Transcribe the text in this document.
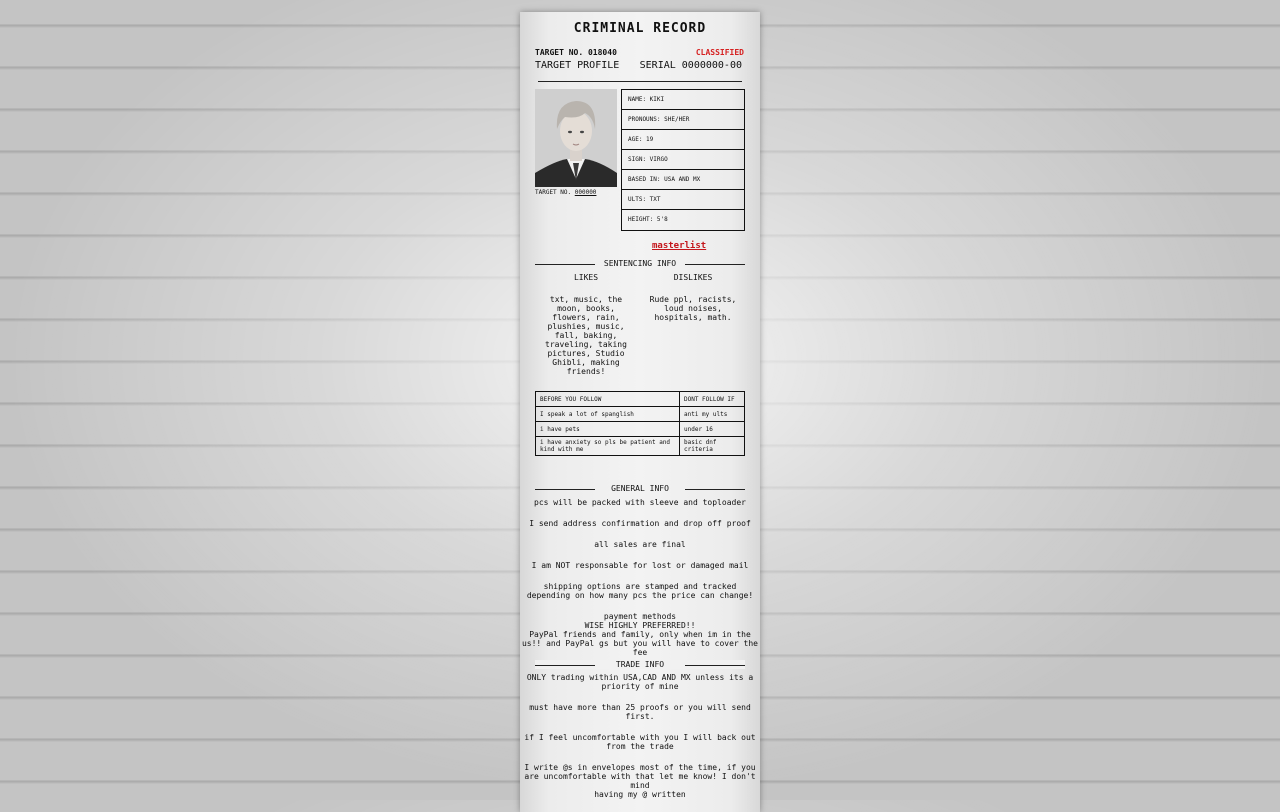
CRIMINAL RECORD
TARGET NO. 018040	CLASSIFIED
TARGET PROFILE SERIAL 0000000-00
TARGET NO. 000000
NAME: KIKI
PRONOUNS: SHE/HER
AGE: 19
SIGN: VIRGO
BASED IN: USA AND MX
ULTS: TXT
HEIGHT: 5'8
masterlist
SENTENCING INFO
LIKES	DISLIKES
txt, music, the moon, books, flowers, rain, plushies, music, fall, baking, traveling, taking pictures, Studio Ghibli, making friends!
Rude ppl, racists, loud noises, hospitals, math.
BEFORE YOU FOLLOW	DONT FOLLOW IF
I speak a lot of spanglish	anti my ults
i have pets	under 16
i have anxiety so pls be patient and kind with me	basic dnf criteria
GENERAL INFO
pcs will be packed with sleeve and toploader
I send address confirmation and drop off proof
all sales are final
I am NOT responsable for lost or damaged mail
shipping options are stamped and tracked depending on how many pcs the price can change!
payment methods
WISE HIGHLY PREFERRED!!
PayPal friends and family, only when im in the us!! and PayPal gs but you will have to cover the fee
TRADE INFO
ONLY trading within USA,CAD AND MX unless its a priority of mine
must have more than 25 proofs or you will send first.
if I feel uncomfortable with you I will back out from the trade
I write @s in envelopes most of the time, if you are uncomfortable with that let me know! I don't mind
having my @ written
